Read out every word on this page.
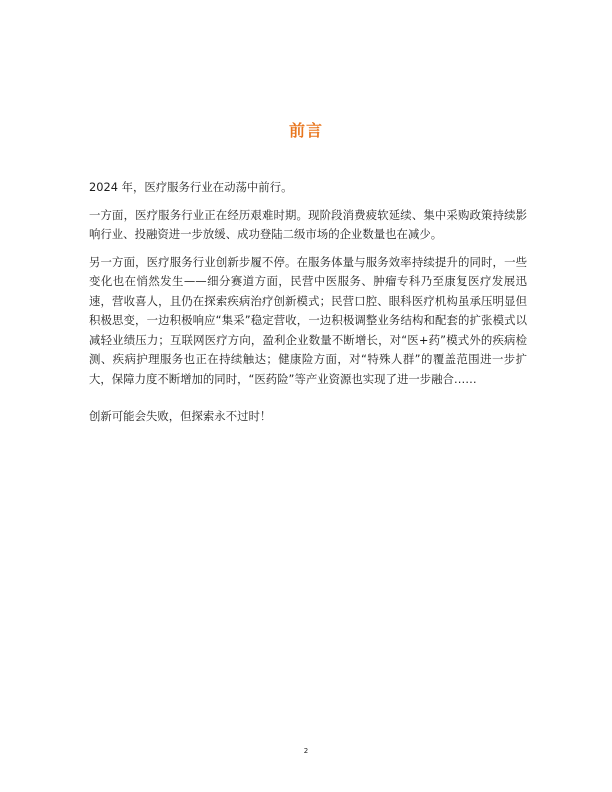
前言

2024 年，医疗服务行业在动荡中前行。

一方面，医疗服务行业正在经历艰难时期。现阶段消费疲软延续、集中采购政策持续影响行业、投融资进一步放缓、成功登陆二级市场的企业数量也在减少。

另一方面，医疗服务行业创新步履不停。在服务体量与服务效率持续提升的同时，一些变化也在悄然发生——细分赛道方面，民营中医服务、肿瘤专科乃至康复医疗发展迅速，营收喜人，且仍在探索疾病治疗创新模式；民营口腔、眼科医疗机构虽承压明显但积极思变，一边积极响应“集采”稳定营收，一边积极调整业务结构和配套的扩张模式以减轻业绩压力；互联网医疗方向，盈利企业数量不断增长，对“医+药”模式外的疾病检测、疾病护理服务也正在持续触达；健康险方面，对“特殊人群”的覆盖范围进一步扩大，保障力度不断增加的同时，“医药险”等产业资源也实现了进一步融合……

创新可能会失败，但探索永不过时！

2
